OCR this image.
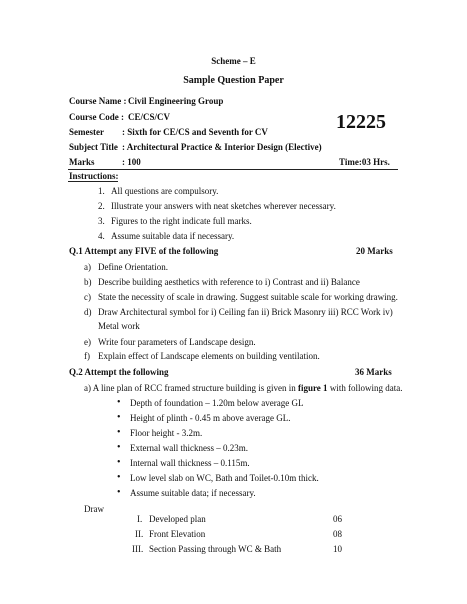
Scheme – E
Sample Question Paper
Course Name : Civil Engineering Group
Course Code : CE/CS/CV	12225
Semester : Sixth for CE/CS and Seventh for CV
Subject Title : Architectural Practice & Interior Design (Elective)
Marks	: 100	Time:03 Hrs.
Instructions:
1. All questions are compulsory.
2. Illustrate your answers with neat sketches wherever necessary.
3. Figures to the right indicate full marks.
4. Assume suitable data if necessary.
Q.1 Attempt any FIVE of the following	20 Marks
a) Define Orientation.
b) Describe building aesthetics with reference to i) Contrast and ii) Balance
c) State the necessity of scale in drawing. Suggest suitable scale for working drawing.
d) Draw Architectural symbol for i) Ceiling fan ii) Brick Masonry iii) RCC Work iv)
Metal work
e) Write four parameters of Landscape design.
f) Explain effect of Landscape elements on building ventilation.
Q.2 Attempt the following	36 Marks
a) A line plan of RCC framed structure building is given in figure 1 with following data.
• Depth of foundation – 1.20m below average GL
• Height of plinth - 0.45 m above average GL.
• Floor height - 3.2m.
• External wall thickness – 0.23m.
• Internal wall thickness – 0.115m.
• Low level slab on WC, Bath and Toilet-0.10m thick.
• Assume suitable data; if necessary.
Draw
I. Developed plan	06
II. Front Elevation	08
III. Section Passing through WC & Bath	10
